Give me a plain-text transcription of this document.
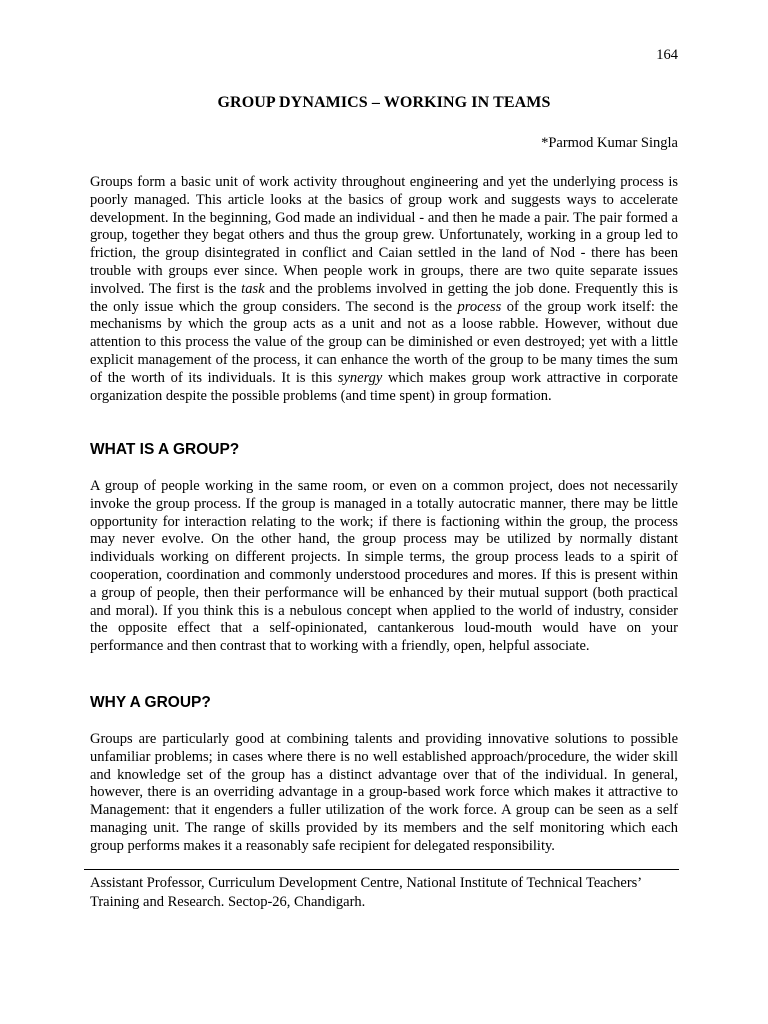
164
GROUP DYNAMICS – WORKING IN TEAMS
*Parmod Kumar Singla

Groups form a basic unit of work activity throughout engineering and yet the underlying process is poorly managed. This article looks at the basics of group work and suggests ways to accelerate development. In the beginning, God made an individual - and then he made a pair. The pair formed a group, together they begat others and thus the group grew. Unfortunately, working in a group led to friction, the group disintegrated in conflict and Caian settled in the land of Nod - there has been trouble with groups ever since. When people work in groups, there are two quite separate issues involved. The first is the task and the problems involved in getting the job done. Frequently this is the only issue which the group considers. The second is the process of the group work itself: the mechanisms by which the group acts as a unit and not as a loose rabble. However, without due attention to this process the value of the group can be diminished or even destroyed; yet with a little explicit management of the process, it can enhance the worth of the group to be many times the sum of the worth of its individuals. It is this synergy which makes group work attractive in corporate organization despite the possible problems (and time spent) in group formation.

WHAT IS A GROUP?

A group of people working in the same room, or even on a common project, does not necessarily invoke the group process. If the group is managed in a totally autocratic manner, there may be little opportunity for interaction relating to the work; if there is factioning within the group, the process may never evolve. On the other hand, the group process may be utilized by normally distant individuals working on different projects. In simple terms, the group process leads to a spirit of cooperation, coordination and commonly understood procedures and mores. If this is present within a group of people, then their performance will be enhanced by their mutual support (both practical and moral). If you think this is a nebulous concept when applied to the world of industry, consider the opposite effect that a self-opinionated, cantankerous loud-mouth would have on your performance and then contrast that to working with a friendly, open, helpful associate.

WHY A GROUP?

Groups are particularly good at combining talents and providing innovative solutions to possible unfamiliar problems; in cases where there is no well established approach/procedure, the wider skill and knowledge set of the group has a distinct advantage over that of the individual. In general, however, there is an overriding advantage in a group-based work force which makes it attractive to Management: that it engenders a fuller utilization of the work force. A group can be seen as a self managing unit. The range of skills provided by its members and the self monitoring which each group performs makes it a reasonably safe recipient for delegated responsibility.

Assistant Professor, Curriculum Development Centre, National Institute of Technical Teachers’ Training and Research. Sectop-26, Chandigarh.
